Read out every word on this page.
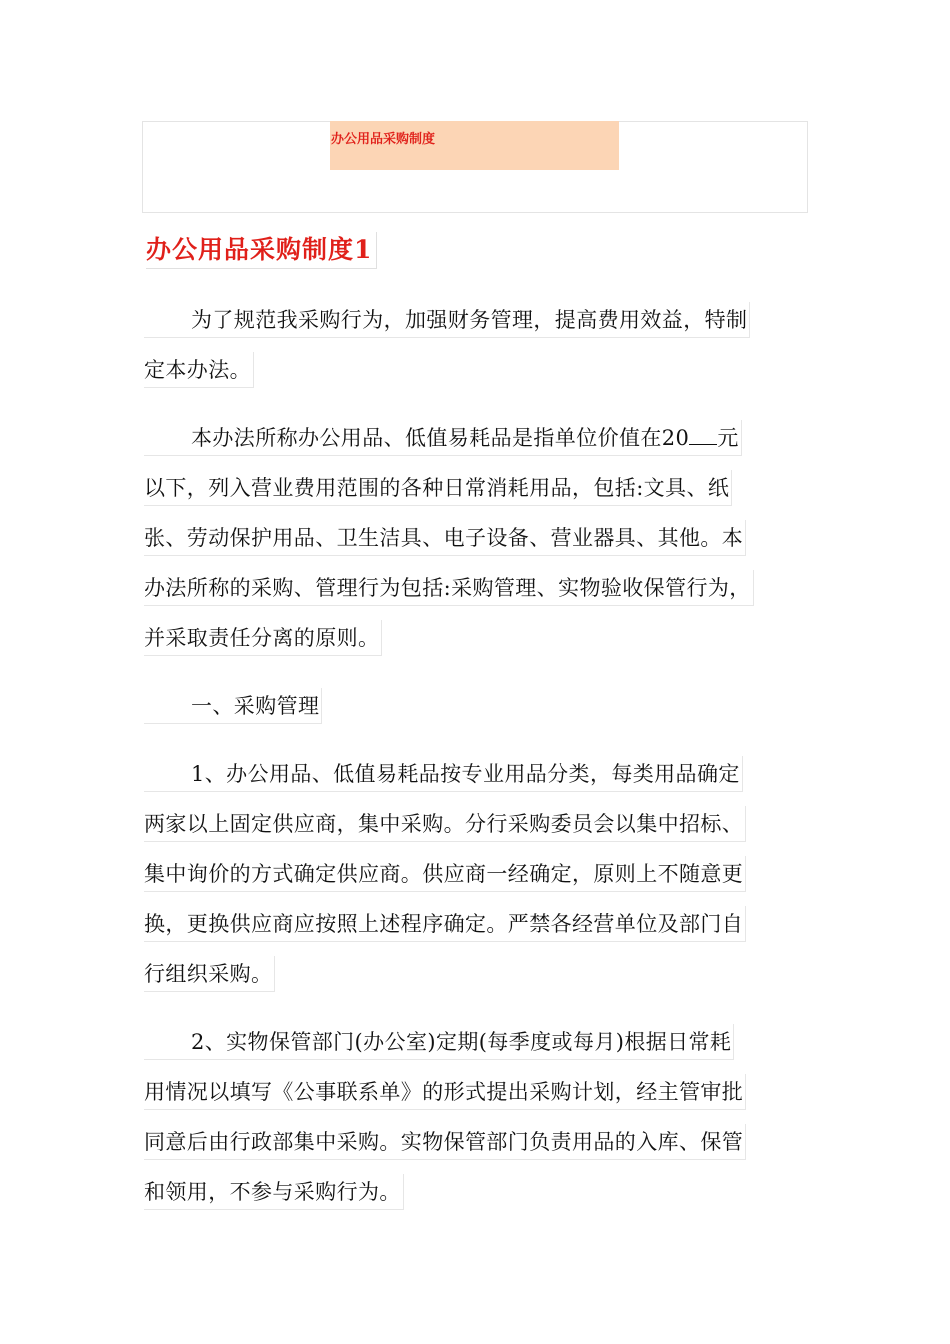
办公用品采购制度
办公用品采购制度1
为了规范我采购行为，加强财务管理，提高费用效益，特制
定本办法。
本办法所称办公用品、低值易耗品是指单位价值在20 元
以下，列入营业费用范围的各种日常消耗用品，包括:文具、纸
张、劳动保护用品、卫生洁具、电子设备、营业器具、其他。本
办法所称的采购、管理行为包括:采购管理、实物验收保管行为，
并采取责任分离的原则。
一、采购管理
1、办公用品、低值易耗品按专业用品分类，每类用品确定
两家以上固定供应商，集中采购。分行采购委员会以集中招标、
集中询价的方式确定供应商。供应商一经确定，原则上不随意更
换，更换供应商应按照上述程序确定。严禁各经营单位及部门自
行组织采购。
2、实物保管部门(办公室)定期(每季度或每月)根据日常耗
用情况以填写《公事联系单》的形式提出采购计划，经主管审批
同意后由行政部集中采购。实物保管部门负责用品的入库、保管
和领用，不参与采购行为。
